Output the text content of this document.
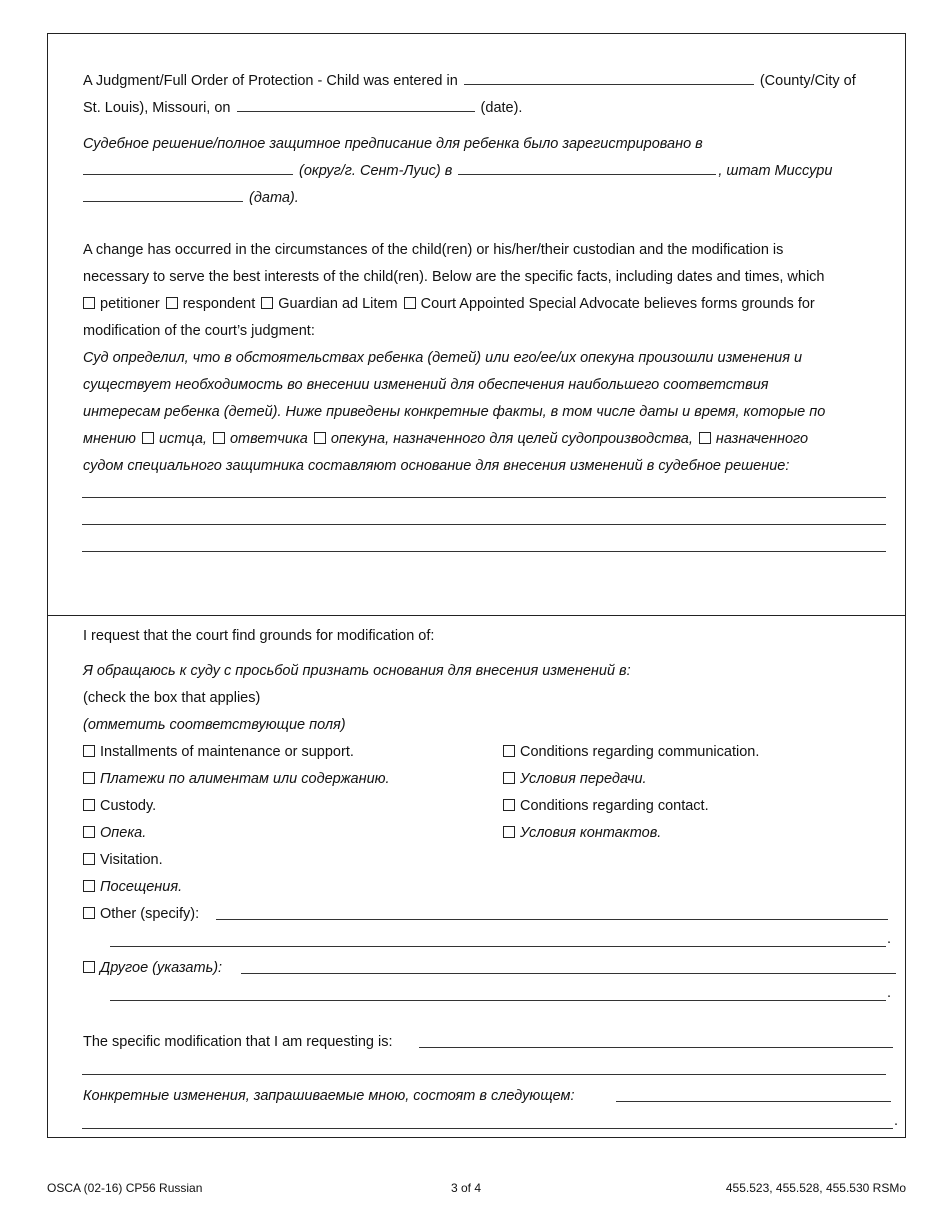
A Judgment/Full Order of Protection - Child was entered in	(County/City of
St. Louis), Missouri, on	(date).
Судебное решение/полное защитное предписание для ребенка было зарегистрировано в
(округ/г. Сент-Луис) в	, штат Миссури
(дата).
A change has occurred in the circumstances of the child(ren) or his/her/their custodian and the modification is
necessary to serve the best interests of the child(ren). Below are the specific facts, including dates and times, which
petitioner respondent Guardian ad Litem Court Appointed Special Advocate believes forms grounds for
modification of the court’s judgment:
Суд определил, что в обстоятельствах ребенка (детей) или его/ее/их опекуна произошли изменения и
существует необходимость во внесении изменений для обеспечения наибольшего соответствия
интересам ребенка (детей). Ниже приведены конкретные факты, в том числе даты и время, которые по
мнению истца, ответчика опекуна, назначенного для целей судопроизводства, назначенного
судом специального защитника составляют основание для внесения изменений в судебное решение:
I request that the court find grounds for modification of:
Я обращаюсь к суду с просьбой признать основания для внесения изменений в:
(check the box that applies)
(отметить соответствующие поля)
Installments of maintenance or support.
Платежи по алиментам или содержанию.
Custody.
Опека.
Visitation.
Посещения.
Conditions regarding communication.
Условия передачи.
Conditions regarding contact.
Условия контактов.
Other (specify):
.
Другое (указать):
.
The specific modification that I am requesting is:
Конкретные изменения, запрашиваемые мною, состоят в следующем:
.
OSCA (02-16) CP56 Russian	3 of 4	455.523, 455.528, 455.530 RSMo
